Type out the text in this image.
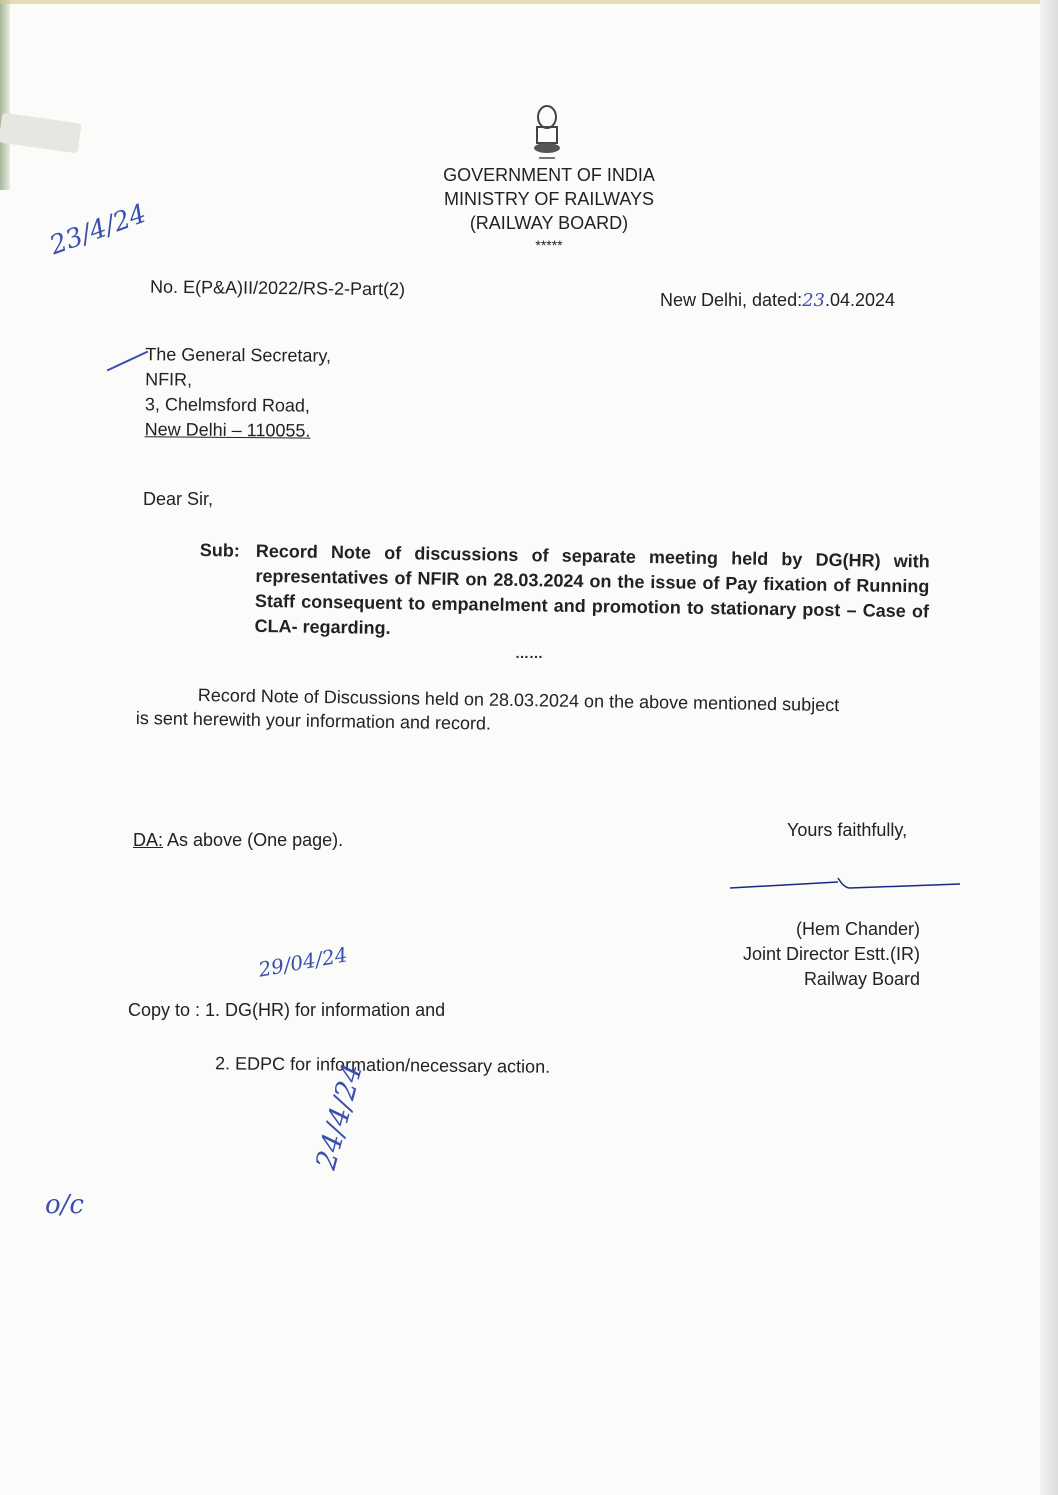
GOVERNMENT OF INDIA
MINISTRY OF RAILWAYS
(RAILWAY BOARD)
*****
23/4/24
No. E(P&A)II/2022/RS-2-Part(2)
New Delhi, dated:23.04.2024
The General Secretary,
NFIR,
3, Chelmsford Road,
New Delhi – 110055.
Dear Sir,
Sub: Record Note of discussions of separate meeting held by DG(HR) with representatives of NFIR on 28.03.2024 on the issue of Pay fixation of Running Staff consequent to empanelment and promotion to stationary post – Case of CLA- regarding.
……
Record Note of Discussions held on 28.03.2024 on the above mentioned subject
is sent herewith your information and record.
DA: As above (One page).	Yours faithfully,
(Hem Chander)
Joint Director Estt.(IR)
Railway Board
29/04/24
Copy to : 1. DG(HR) for information and
2. EDPC for information/necessary action.
24/4/24
o/c
